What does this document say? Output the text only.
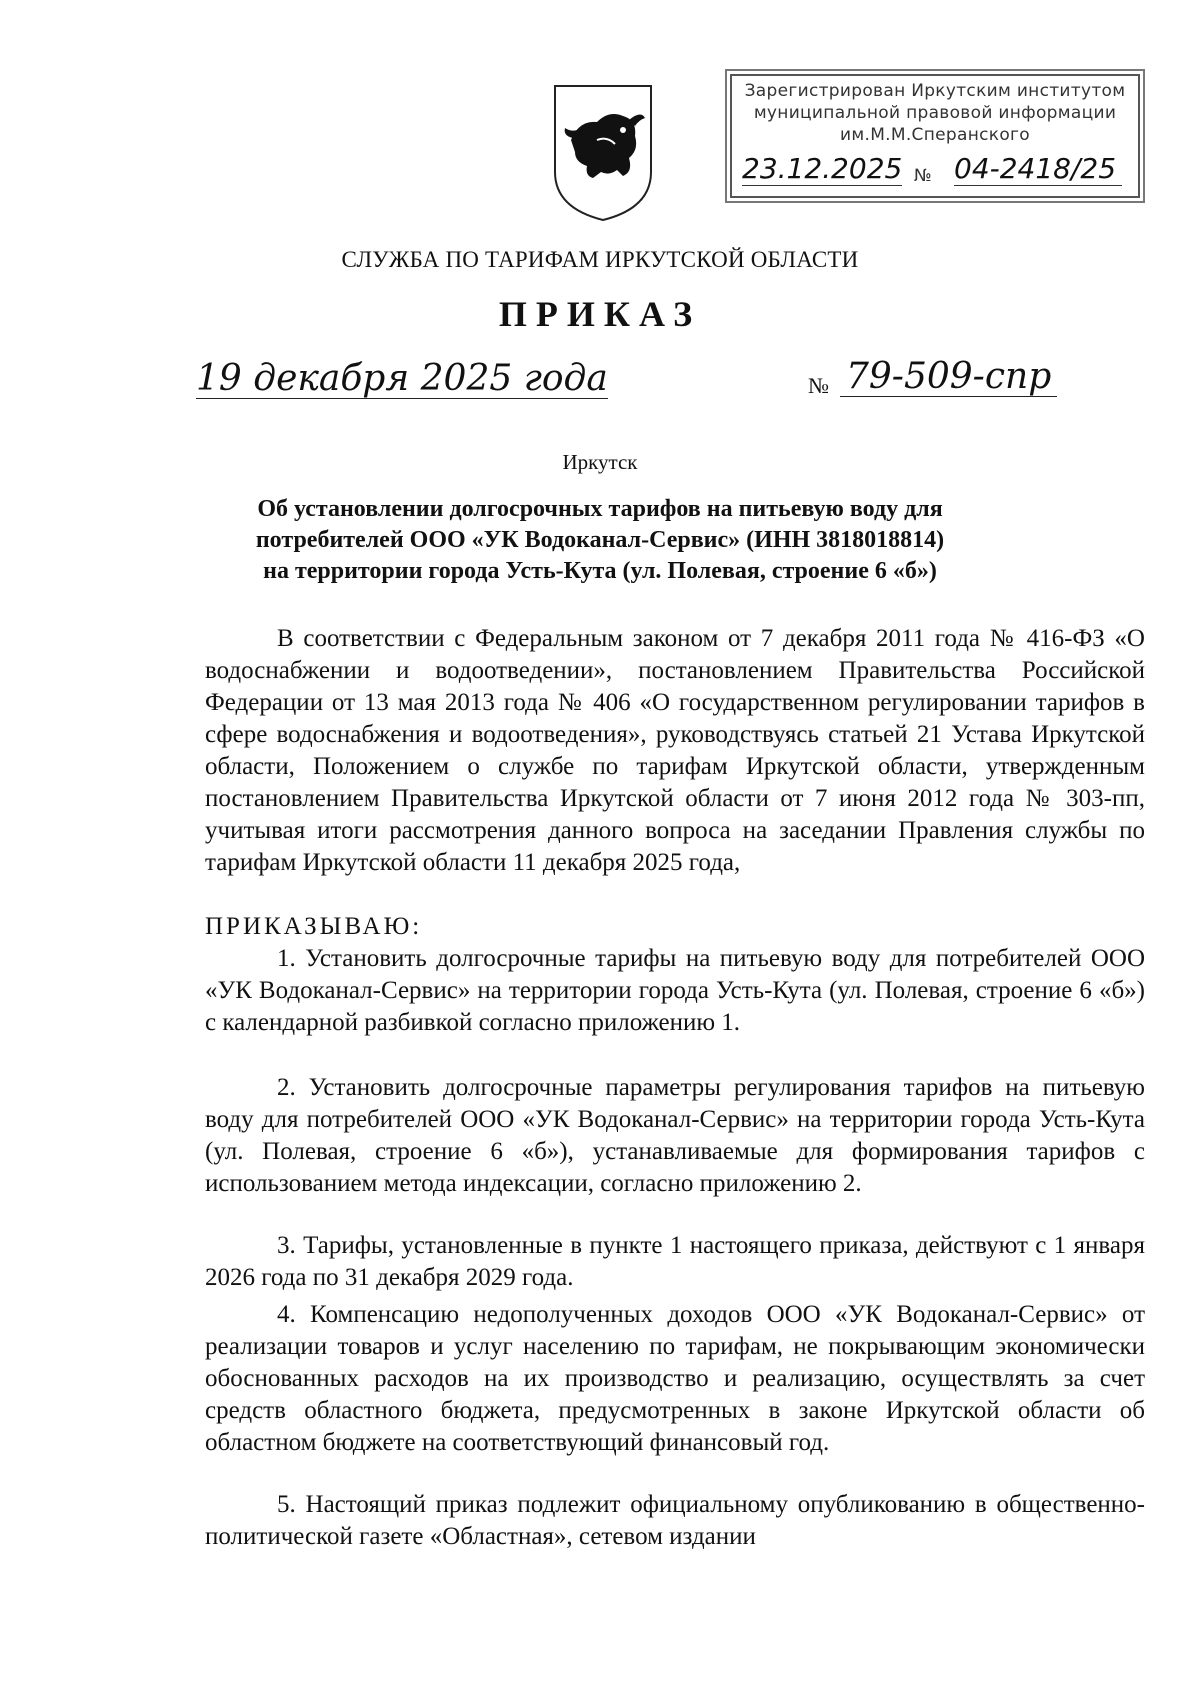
Зарегистрирован Иркутским институтом
муниципальной правовой информации
им.М.М.Сперанского
23.12.2025 № 04-2418/25
СЛУЖБА ПО ТАРИФАМ ИРКУТСКОЙ ОБЛАСТИ
ПРИКАЗ
19 декабря 2025 года	№ 79-509-спр
Иркутск
Об установлении долгосрочных тарифов на питьевую воду для потребителей ООО «УК Водоканал-Сервис» (ИНН 3818018814) на территории города Усть-Кута (ул. Полевая, строение 6 «б»)
В соответствии с Федеральным законом от 7 декабря 2011 года № 416-ФЗ «О водоснабжении и водоотведении», постановлением Правительства Российской Федерации от 13 мая 2013 года № 406 «О государственном регулировании тарифов в сфере водоснабжения и водоотведения», руководствуясь статьей 21 Устава Иркутской области, Положением о службе по тарифам Иркутской области, утвержденным постановлением Правительства Иркутской области от 7 июня 2012 года № 303-пп, учитывая итоги рассмотрения данного вопроса на заседании Правления службы по тарифам Иркутской области 11 декабря 2025 года,
ПРИКАЗЫВАЮ:
1. Установить долгосрочные тарифы на питьевую воду для потребителей ООО «УК Водоканал-Сервис» на территории города Усть-Кута (ул. Полевая, строение 6 «б») с календарной разбивкой согласно приложению 1.
2. Установить долгосрочные параметры регулирования тарифов на питьевую воду для потребителей ООО «УК Водоканал-Сервис» на территории города Усть-Кута (ул. Полевая, строение 6 «б»), устанавливаемые для формирования тарифов с использованием метода индексации, согласно приложению 2.
3. Тарифы, установленные в пункте 1 настоящего приказа, действуют с 1 января 2026 года по 31 декабря 2029 года.
4. Компенсацию недополученных доходов ООО «УК Водоканал-Сервис» от реализации товаров и услуг населению по тарифам, не покрывающим экономически обоснованных расходов на их производство и реализацию, осуществлять за счет средств областного бюджета, предусмотренных в законе Иркутской области об областном бюджете на соответствующий финансовый год.
5. Настоящий приказ подлежит официальному опубликованию в общественно-политической газете «Областная», сетевом издании
